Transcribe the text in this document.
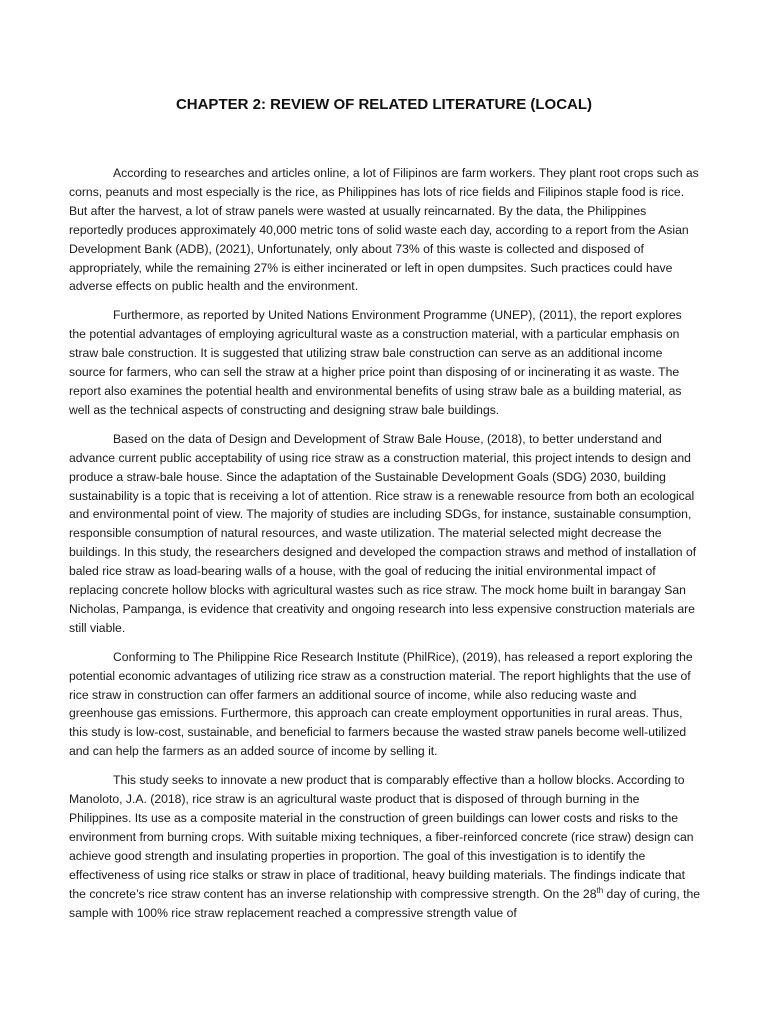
CHAPTER 2: REVIEW OF RELATED LITERATURE (LOCAL)

According to researches and articles online, a lot of Filipinos are farm workers. They plant root crops such as corns, peanuts and most especially is the rice, as Philippines has lots of rice fields and Filipinos staple food is rice. But after the harvest, a lot of straw panels were wasted at usually reincarnated. By the data, the Philippines reportedly produces approximately 40,000 metric tons of solid waste each day, according to a report from the Asian Development Bank (ADB), (2021), Unfortunately, only about 73% of this waste is collected and disposed of appropriately, while the remaining 27% is either incinerated or left in open dumpsites. Such practices could have adverse effects on public health and the environment.

Furthermore, as reported by United Nations Environment Programme (UNEP), (2011), the report explores the potential advantages of employing agricultural waste as a construction material, with a particular emphasis on straw bale construction. It is suggested that utilizing straw bale construction can serve as an additional income source for farmers, who can sell the straw at a higher price point than disposing of or incinerating it as waste. The report also examines the potential health and environmental benefits of using straw bale as a building material, as well as the technical aspects of constructing and designing straw bale buildings.

Based on the data of Design and Development of Straw Bale House, (2018), to better understand and advance current public acceptability of using rice straw as a construction material, this project intends to design and produce a straw-bale house. Since the adaptation of the Sustainable Development Goals (SDG) 2030, building sustainability is a topic that is receiving a lot of attention. Rice straw is a renewable resource from both an ecological and environmental point of view. The majority of studies are including SDGs, for instance, sustainable consumption, responsible consumption of natural resources, and waste utilization. The material selected might decrease the buildings. In this study, the researchers designed and developed the compaction straws and method of installation of baled rice straw as load-bearing walls of a house, with the goal of reducing the initial environmental impact of replacing concrete hollow blocks with agricultural wastes such as rice straw. The mock home built in barangay San Nicholas, Pampanga, is evidence that creativity and ongoing research into less expensive construction materials are still viable.

Conforming to The Philippine Rice Research Institute (PhilRice), (2019), has released a report exploring the potential economic advantages of utilizing rice straw as a construction material. The report highlights that the use of rice straw in construction can offer farmers an additional source of income, while also reducing waste and greenhouse gas emissions. Furthermore, this approach can create employment opportunities in rural areas. Thus, this study is low-cost, sustainable, and beneficial to farmers because the wasted straw panels become well-utilized and can help the farmers as an added source of income by selling it.

This study seeks to innovate a new product that is comparably effective than a hollow blocks. According to Manoloto, J.A. (2018), rice straw is an agricultural waste product that is disposed of through burning in the Philippines. Its use as a composite material in the construction of green buildings can lower costs and risks to the environment from burning crops. With suitable mixing techniques, a fiber-reinforced concrete (rice straw) design can achieve good strength and insulating properties in proportion. The goal of this investigation is to identify the effectiveness of using rice stalks or straw in place of traditional, heavy building materials. The findings indicate that the concrete’s rice straw content has an inverse relationship with compressive strength. On the 28th day of curing, the sample with 100% rice straw replacement reached a compressive strength value of
